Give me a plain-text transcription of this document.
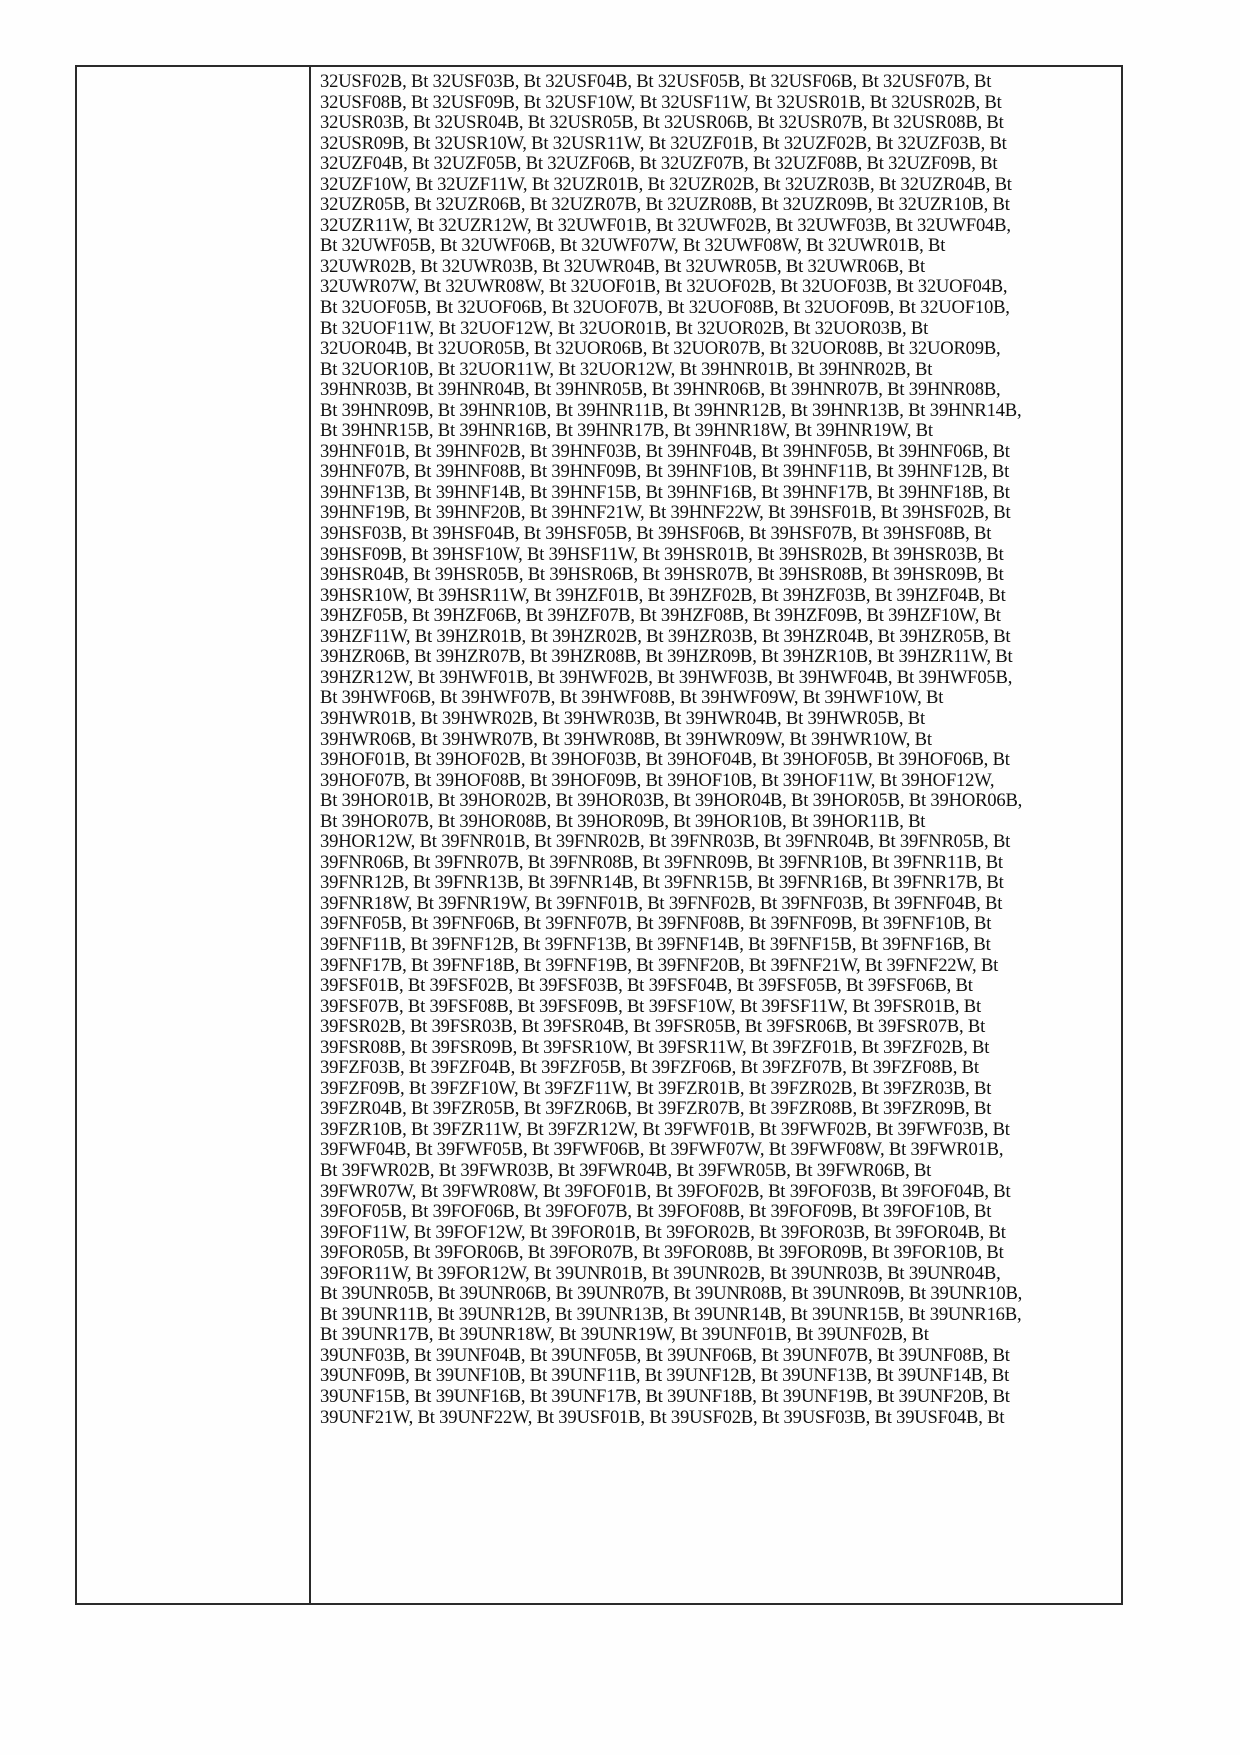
32USF02B, Bt 32USF03B, Bt 32USF04B, Bt 32USF05B, Bt 32USF06B, Bt 32USF07B, Bt
32USF08B, Bt 32USF09B, Bt 32USF10W, Bt 32USF11W, Bt 32USR01B, Bt 32USR02B, Bt
32USR03B, Bt 32USR04B, Bt 32USR05B, Bt 32USR06B, Bt 32USR07B, Bt 32USR08B, Bt
32USR09B, Bt 32USR10W, Bt 32USR11W, Bt 32UZF01B, Bt 32UZF02B, Bt 32UZF03B, Bt
32UZF04B, Bt 32UZF05B, Bt 32UZF06B, Bt 32UZF07B, Bt 32UZF08B, Bt 32UZF09B, Bt
32UZF10W, Bt 32UZF11W, Bt 32UZR01B, Bt 32UZR02B, Bt 32UZR03B, Bt 32UZR04B, Bt
32UZR05B, Bt 32UZR06B, Bt 32UZR07B, Bt 32UZR08B, Bt 32UZR09B, Bt 32UZR10B, Bt
32UZR11W, Bt 32UZR12W, Bt 32UWF01B, Bt 32UWF02B, Bt 32UWF03B, Bt 32UWF04B,
Bt 32UWF05B, Bt 32UWF06B, Bt 32UWF07W, Bt 32UWF08W, Bt 32UWR01B, Bt
32UWR02B, Bt 32UWR03B, Bt 32UWR04B, Bt 32UWR05B, Bt 32UWR06B, Bt
32UWR07W, Bt 32UWR08W, Bt 32UOF01B, Bt 32UOF02B, Bt 32UOF03B, Bt 32UOF04B,
Bt 32UOF05B, Bt 32UOF06B, Bt 32UOF07B, Bt 32UOF08B, Bt 32UOF09B, Bt 32UOF10B,
Bt 32UOF11W, Bt 32UOF12W, Bt 32UOR01B, Bt 32UOR02B, Bt 32UOR03B, Bt
32UOR04B, Bt 32UOR05B, Bt 32UOR06B, Bt 32UOR07B, Bt 32UOR08B, Bt 32UOR09B,
Bt 32UOR10B, Bt 32UOR11W, Bt 32UOR12W, Bt 39HNR01B, Bt 39HNR02B, Bt
39HNR03B, Bt 39HNR04B, Bt 39HNR05B, Bt 39HNR06B, Bt 39HNR07B, Bt 39HNR08B,
Bt 39HNR09B, Bt 39HNR10B, Bt 39HNR11B, Bt 39HNR12B, Bt 39HNR13B, Bt 39HNR14B,
Bt 39HNR15B, Bt 39HNR16B, Bt 39HNR17B, Bt 39HNR18W, Bt 39HNR19W, Bt
39HNF01B, Bt 39HNF02B, Bt 39HNF03B, Bt 39HNF04B, Bt 39HNF05B, Bt 39HNF06B, Bt
39HNF07B, Bt 39HNF08B, Bt 39HNF09B, Bt 39HNF10B, Bt 39HNF11B, Bt 39HNF12B, Bt
39HNF13B, Bt 39HNF14B, Bt 39HNF15B, Bt 39HNF16B, Bt 39HNF17B, Bt 39HNF18B, Bt
39HNF19B, Bt 39HNF20B, Bt 39HNF21W, Bt 39HNF22W, Bt 39HSF01B, Bt 39HSF02B, Bt
39HSF03B, Bt 39HSF04B, Bt 39HSF05B, Bt 39HSF06B, Bt 39HSF07B, Bt 39HSF08B, Bt
39HSF09B, Bt 39HSF10W, Bt 39HSF11W, Bt 39HSR01B, Bt 39HSR02B, Bt 39HSR03B, Bt
39HSR04B, Bt 39HSR05B, Bt 39HSR06B, Bt 39HSR07B, Bt 39HSR08B, Bt 39HSR09B, Bt
39HSR10W, Bt 39HSR11W, Bt 39HZF01B, Bt 39HZF02B, Bt 39HZF03B, Bt 39HZF04B, Bt
39HZF05B, Bt 39HZF06B, Bt 39HZF07B, Bt 39HZF08B, Bt 39HZF09B, Bt 39HZF10W, Bt
39HZF11W, Bt 39HZR01B, Bt 39HZR02B, Bt 39HZR03B, Bt 39HZR04B, Bt 39HZR05B, Bt
39HZR06B, Bt 39HZR07B, Bt 39HZR08B, Bt 39HZR09B, Bt 39HZR10B, Bt 39HZR11W, Bt
39HZR12W, Bt 39HWF01B, Bt 39HWF02B, Bt 39HWF03B, Bt 39HWF04B, Bt 39HWF05B,
Bt 39HWF06B, Bt 39HWF07B, Bt 39HWF08B, Bt 39HWF09W, Bt 39HWF10W, Bt
39HWR01B, Bt 39HWR02B, Bt 39HWR03B, Bt 39HWR04B, Bt 39HWR05B, Bt
39HWR06B, Bt 39HWR07B, Bt 39HWR08B, Bt 39HWR09W, Bt 39HWR10W, Bt
39HOF01B, Bt 39HOF02B, Bt 39HOF03B, Bt 39HOF04B, Bt 39HOF05B, Bt 39HOF06B, Bt
39HOF07B, Bt 39HOF08B, Bt 39HOF09B, Bt 39HOF10B, Bt 39HOF11W, Bt 39HOF12W,
Bt 39HOR01B, Bt 39HOR02B, Bt 39HOR03B, Bt 39HOR04B, Bt 39HOR05B, Bt 39HOR06B,
Bt 39HOR07B, Bt 39HOR08B, Bt 39HOR09B, Bt 39HOR10B, Bt 39HOR11B, Bt
39HOR12W, Bt 39FNR01B, Bt 39FNR02B, Bt 39FNR03B, Bt 39FNR04B, Bt 39FNR05B, Bt
39FNR06B, Bt 39FNR07B, Bt 39FNR08B, Bt 39FNR09B, Bt 39FNR10B, Bt 39FNR11B, Bt
39FNR12B, Bt 39FNR13B, Bt 39FNR14B, Bt 39FNR15B, Bt 39FNR16B, Bt 39FNR17B, Bt
39FNR18W, Bt 39FNR19W, Bt 39FNF01B, Bt 39FNF02B, Bt 39FNF03B, Bt 39FNF04B, Bt
39FNF05B, Bt 39FNF06B, Bt 39FNF07B, Bt 39FNF08B, Bt 39FNF09B, Bt 39FNF10B, Bt
39FNF11B, Bt 39FNF12B, Bt 39FNF13B, Bt 39FNF14B, Bt 39FNF15B, Bt 39FNF16B, Bt
39FNF17B, Bt 39FNF18B, Bt 39FNF19B, Bt 39FNF20B, Bt 39FNF21W, Bt 39FNF22W, Bt
39FSF01B, Bt 39FSF02B, Bt 39FSF03B, Bt 39FSF04B, Bt 39FSF05B, Bt 39FSF06B, Bt
39FSF07B, Bt 39FSF08B, Bt 39FSF09B, Bt 39FSF10W, Bt 39FSF11W, Bt 39FSR01B, Bt
39FSR02B, Bt 39FSR03B, Bt 39FSR04B, Bt 39FSR05B, Bt 39FSR06B, Bt 39FSR07B, Bt
39FSR08B, Bt 39FSR09B, Bt 39FSR10W, Bt 39FSR11W, Bt 39FZF01B, Bt 39FZF02B, Bt
39FZF03B, Bt 39FZF04B, Bt 39FZF05B, Bt 39FZF06B, Bt 39FZF07B, Bt 39FZF08B, Bt
39FZF09B, Bt 39FZF10W, Bt 39FZF11W, Bt 39FZR01B, Bt 39FZR02B, Bt 39FZR03B, Bt
39FZR04B, Bt 39FZR05B, Bt 39FZR06B, Bt 39FZR07B, Bt 39FZR08B, Bt 39FZR09B, Bt
39FZR10B, Bt 39FZR11W, Bt 39FZR12W, Bt 39FWF01B, Bt 39FWF02B, Bt 39FWF03B, Bt
39FWF04B, Bt 39FWF05B, Bt 39FWF06B, Bt 39FWF07W, Bt 39FWF08W, Bt 39FWR01B,
Bt 39FWR02B, Bt 39FWR03B, Bt 39FWR04B, Bt 39FWR05B, Bt 39FWR06B, Bt
39FWR07W, Bt 39FWR08W, Bt 39FOF01B, Bt 39FOF02B, Bt 39FOF03B, Bt 39FOF04B, Bt
39FOF05B, Bt 39FOF06B, Bt 39FOF07B, Bt 39FOF08B, Bt 39FOF09B, Bt 39FOF10B, Bt
39FOF11W, Bt 39FOF12W, Bt 39FOR01B, Bt 39FOR02B, Bt 39FOR03B, Bt 39FOR04B, Bt
39FOR05B, Bt 39FOR06B, Bt 39FOR07B, Bt 39FOR08B, Bt 39FOR09B, Bt 39FOR10B, Bt
39FOR11W, Bt 39FOR12W, Bt 39UNR01B, Bt 39UNR02B, Bt 39UNR03B, Bt 39UNR04B,
Bt 39UNR05B, Bt 39UNR06B, Bt 39UNR07B, Bt 39UNR08B, Bt 39UNR09B, Bt 39UNR10B,
Bt 39UNR11B, Bt 39UNR12B, Bt 39UNR13B, Bt 39UNR14B, Bt 39UNR15B, Bt 39UNR16B,
Bt 39UNR17B, Bt 39UNR18W, Bt 39UNR19W, Bt 39UNF01B, Bt 39UNF02B, Bt
39UNF03B, Bt 39UNF04B, Bt 39UNF05B, Bt 39UNF06B, Bt 39UNF07B, Bt 39UNF08B, Bt
39UNF09B, Bt 39UNF10B, Bt 39UNF11B, Bt 39UNF12B, Bt 39UNF13B, Bt 39UNF14B, Bt
39UNF15B, Bt 39UNF16B, Bt 39UNF17B, Bt 39UNF18B, Bt 39UNF19B, Bt 39UNF20B, Bt
39UNF21W, Bt 39UNF22W, Bt 39USF01B, Bt 39USF02B, Bt 39USF03B, Bt 39USF04B, Bt
